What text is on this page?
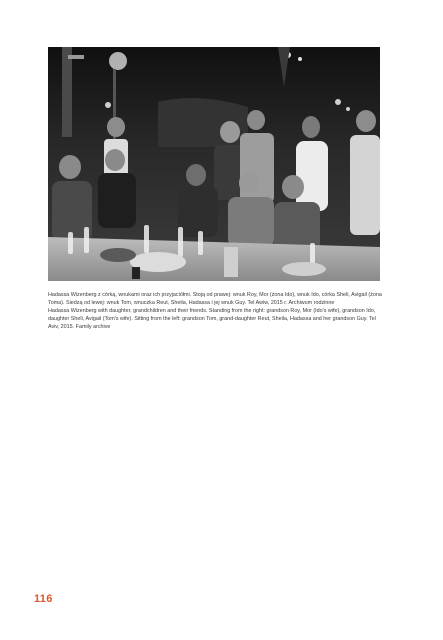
Hadassa Wizenberg z córką, wnukami oraz ich przyjaciółmi. Stoją od prawej: wnuk Roy, Mor (żona Ido), wnuk Ido, córka Sheli, Avigail (żona Toma). Siedzą od lewej: wnuk Tom, wnuczka Reut, Sheila, Hadassa i jej wnuk Guy. Tel Awiw, 2015 r. Archiwum rodzinne

Hadassa Wizenberg with daughter, grandchildren and their friends. Standing from the right: grandson Roy, Mor (Ido's wife), grandson Ido, daughter Sheli, Avigail (Tom's wife). Sitting from the left: grandson Tom, grand-daughter Reut, Sheila, Hadassa and her grandson Guy. Tel Aviv, 2015. Family archive

116
